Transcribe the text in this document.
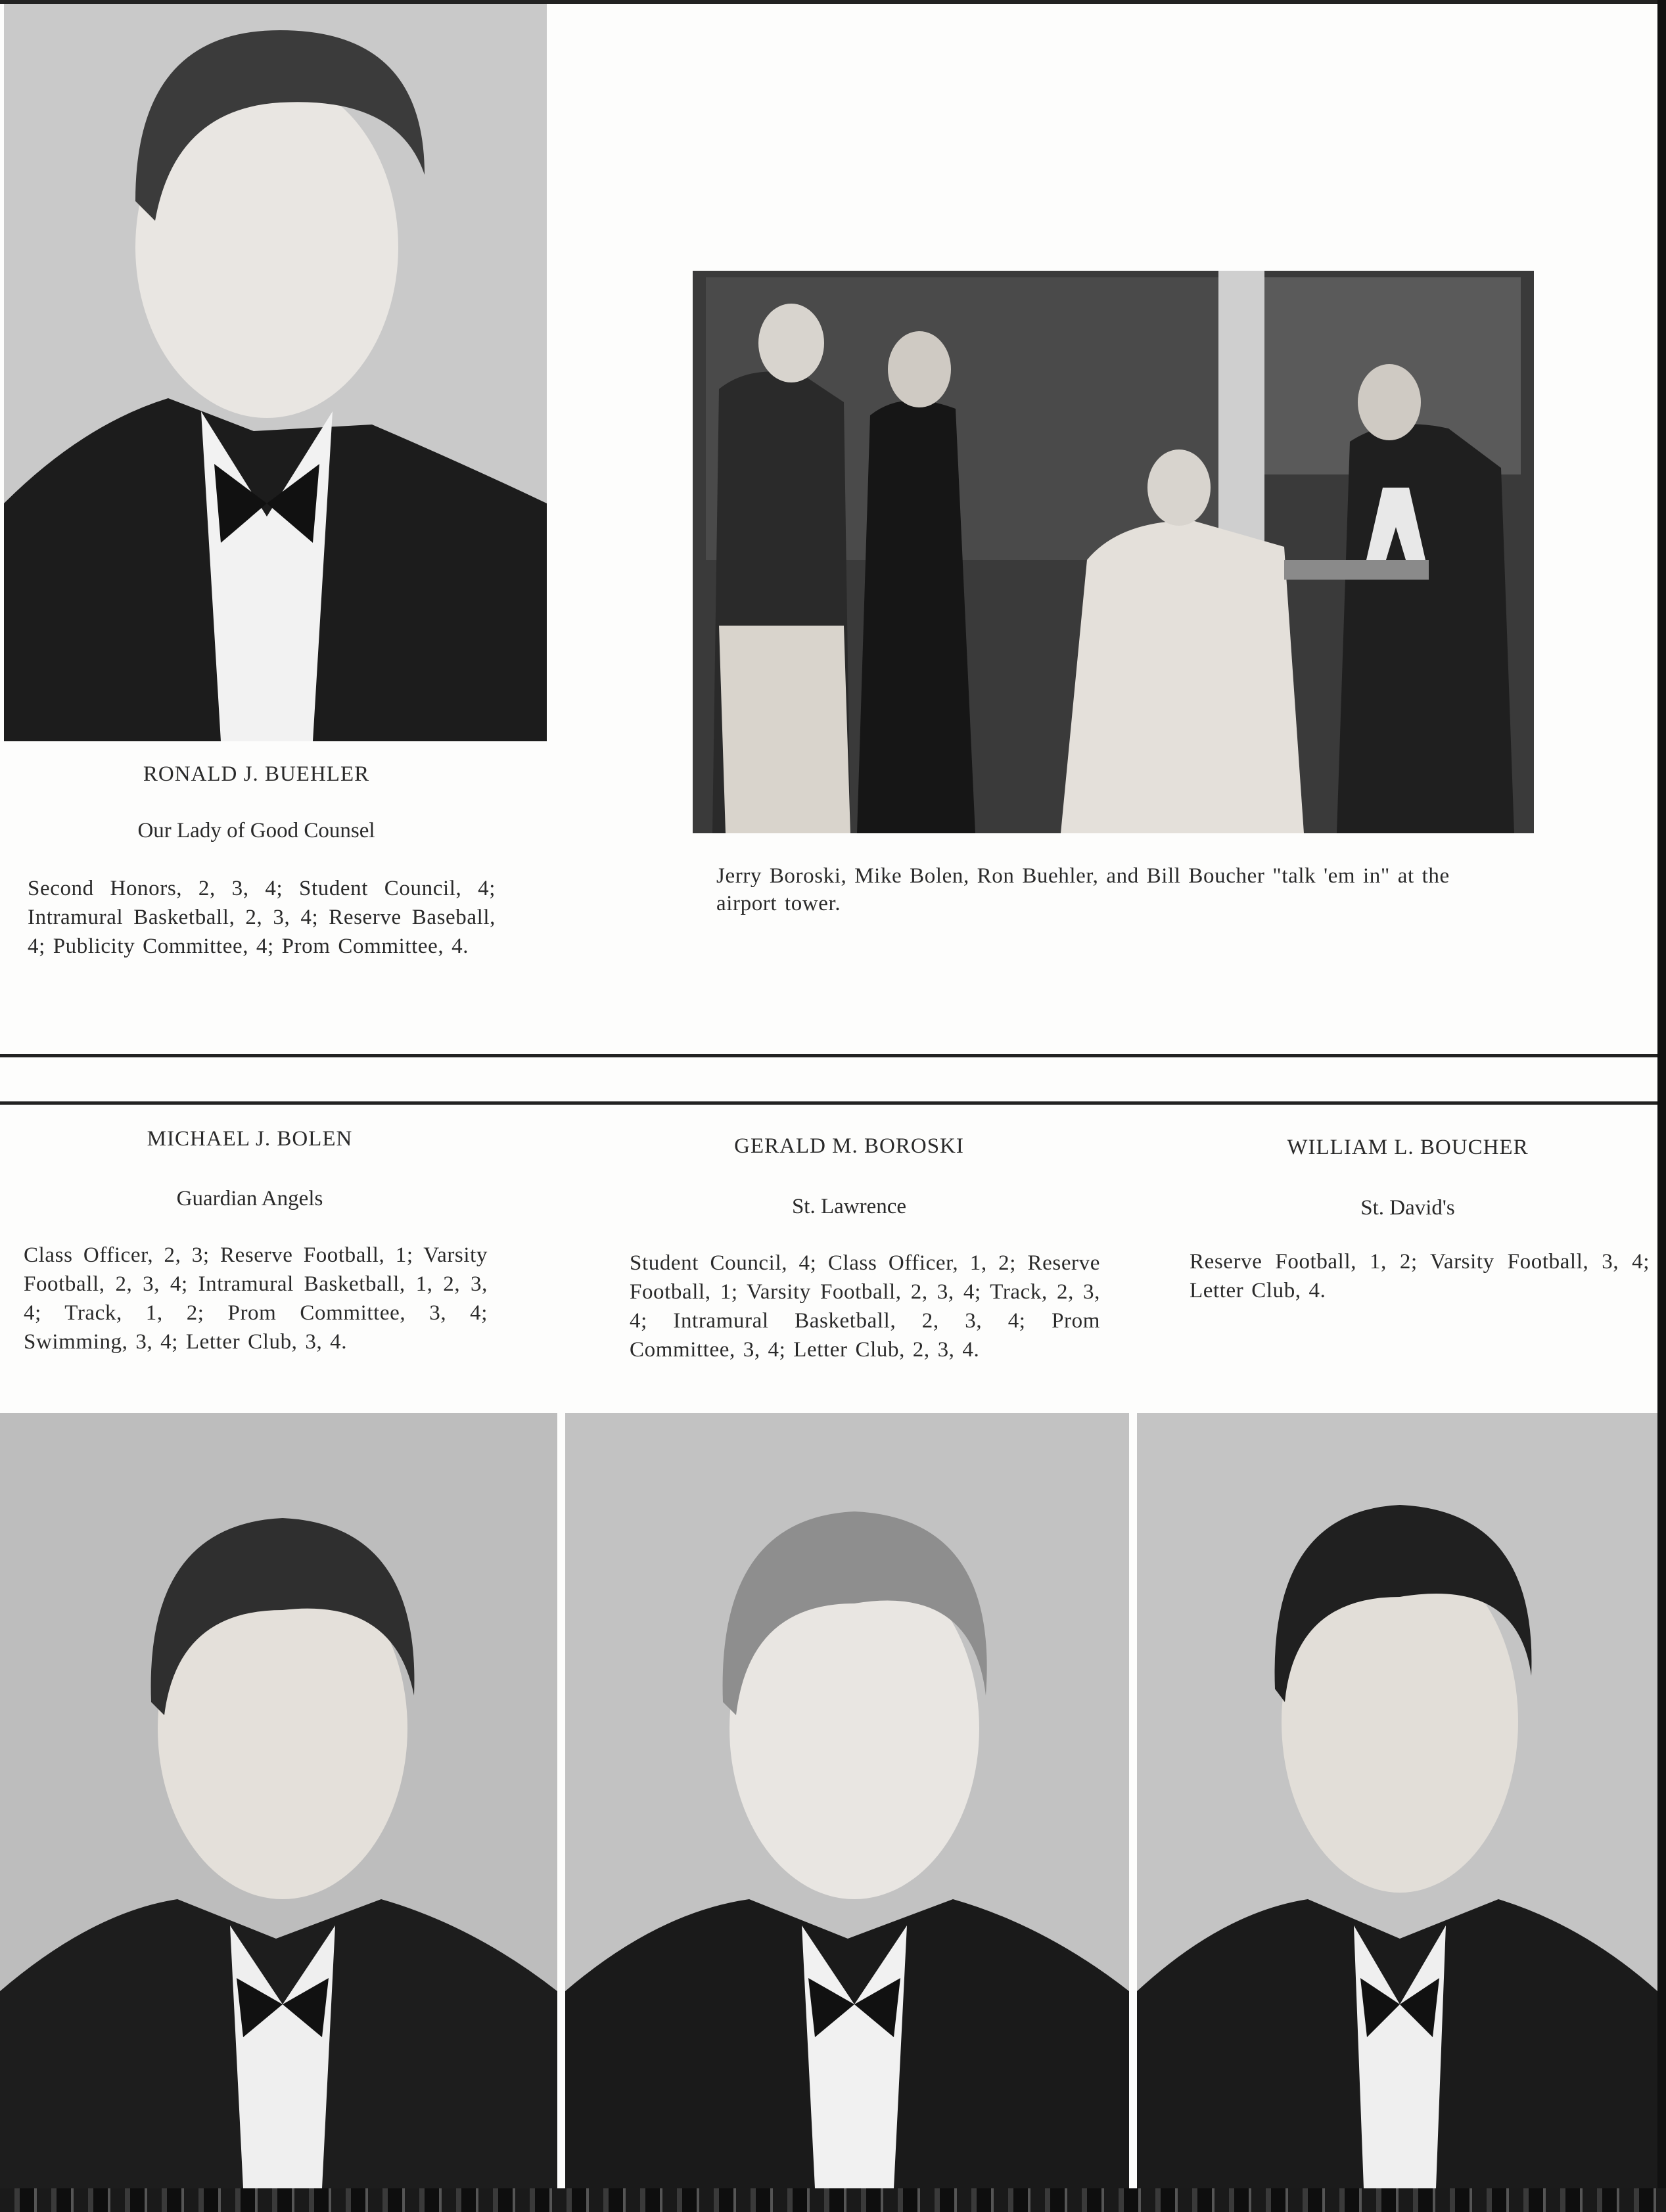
RONALD J. BUEHLER
Our Lady of Good Counsel
Second Honors, 2, 3, 4; Student Council, 4; Intramural Basketball, 2, 3, 4; Reserve Baseball, 4; Publicity Committee, 4; Prom Committee, 4.
Jerry Boroski, Mike Bolen, Ron Buehler, and Bill Boucher "talk 'em in" at the airport tower.
MICHAEL J. BOLEN
Guardian Angels
Class Officer, 2, 3; Reserve Football, 1; Varsity Football, 2, 3, 4; Intramural Basketball, 1, 2, 3, 4; Track, 1, 2; Prom Committee, 3, 4; Swimming, 3, 4; Letter Club, 3, 4.
GERALD M. BOROSKI
St. Lawrence
Student Council, 4; Class Officer, 1, 2; Reserve Football, 1; Varsity Football, 2, 3, 4; Track, 2, 3, 4; Intramural Basketball, 2, 3, 4; Prom Committee, 3, 4; Letter Club, 2, 3, 4.
WILLIAM L. BOUCHER
St. David's
Reserve Football, 1, 2; Varsity Football, 3, 4; Letter Club, 4.
